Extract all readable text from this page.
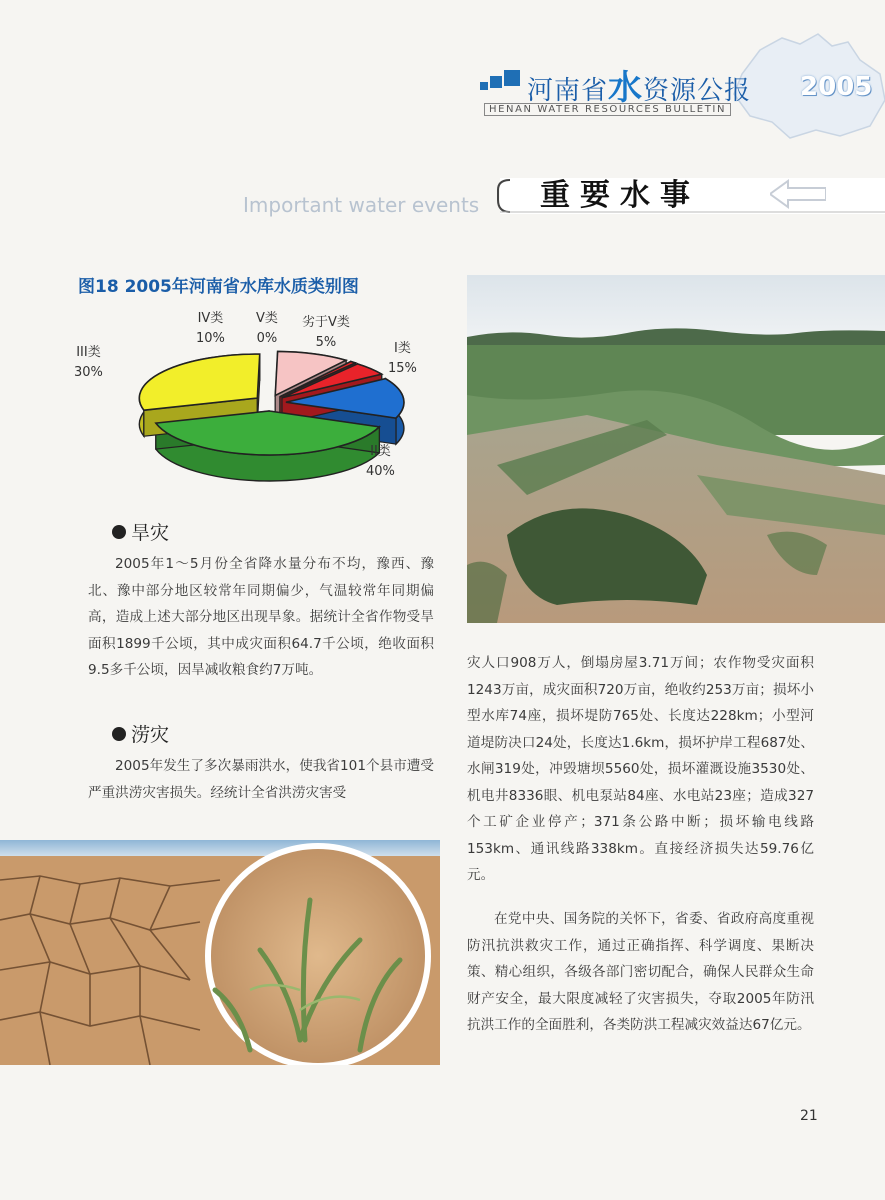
河南省水资源公报
HENAN WATER RESOURCES BULLETIN
2005
Important water events 重要水事
图18 2005年河南省水库水质类别图
I类
15%
II类
40%
III类
30%
IV类
10%
V类
0%
劣于V类
5%
旱灾
2005年1～5月份全省降水量分布不均，豫西、豫北、豫中部分地区较常年同期偏少，气温较常年同期偏高，造成上述大部分地区出现旱象。据统计全省作物受旱面积1899千公顷，其中成灾面积64.7千公顷，绝收面积9.5多千公顷，因旱减收粮食约7万吨。
涝灾
2005年发生了多次暴雨洪水，使我省101个县市遭受严重洪涝灾害损失。经统计全省洪涝灾害受
灾人口908万人，倒塌房屋3.71万间；农作物受灾面积1243万亩，成灾面积720万亩，绝收约253万亩；损坏小型水库74座，损坏堤防765处、长度达228km；小型河道堤防决口24处，长度达1.6km，损坏护岸工程687处、水闸319处，冲毁塘坝5560处，损坏灌溉设施3530处、机电井8336眼、机电泵站84座、水电站23座；造成327个工矿企业停产；371条公路中断；损坏输电线路153km、通讯线路338km。直接经济损失达59.76亿元。
在党中央、国务院的关怀下，省委、省政府高度重视防汛抗洪救灾工作，通过正确指挥、科学调度、果断决策、精心组织，各级各部门密切配合，确保人民群众生命财产安全，最大限度减轻了灾害损失，夺取2005年防汛抗洪工作的全面胜利，各类防洪工程减灾效益达67亿元。
21
